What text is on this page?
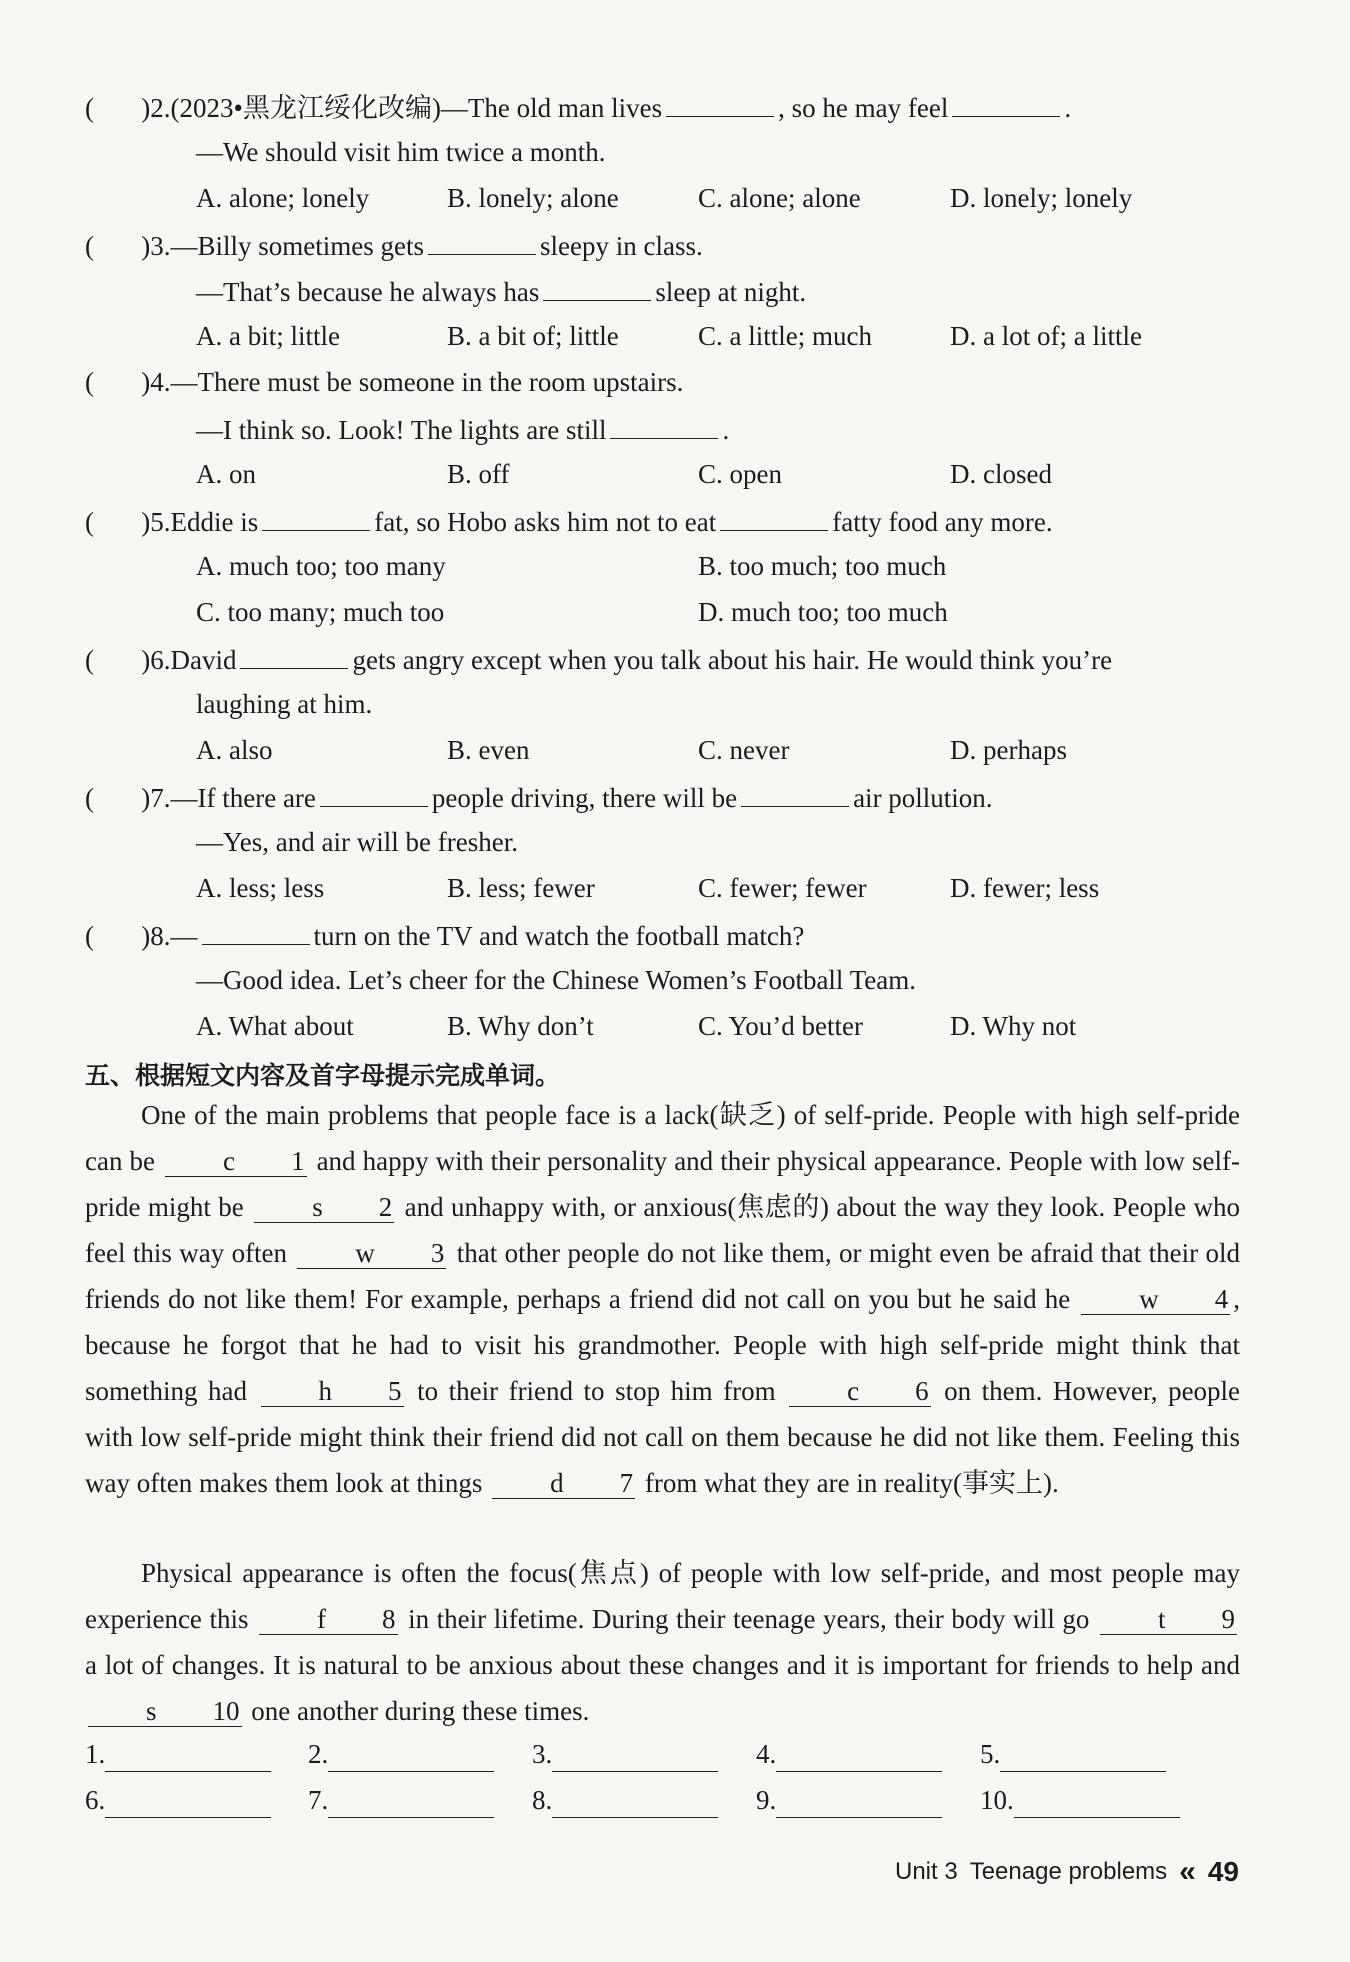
(       )2.(2023•黑龙江绥化改编)—The old man lives	, so he may feel	.
—We should visit him twice a month.
A. alone; lonely	B. lonely; alone	C. alone; alone	D. lonely; lonely
(       )3.—Billy sometimes gets	sleepy in class.
—That’s because he always has	sleep at night.
A. a bit; little	B. a bit of; little	C. a little; much	D. a lot of; a little
(       )4.—There must be someone in the room upstairs.
—I think so. Look! The lights are still	.
A. on	B. off	C. open	D. closed
(       )5.Eddie is	fat, so Hobo asks him not to eat	fatty food any more.
A. much too; too many	B. too much; too much
C. too many; much too	D. much too; too much
(       )6.David	gets angry except when you talk about his hair. He would think you’re
laughing at him.
A. also	B. even	C. never	D. perhaps
(       )7.—If there are	people driving, there will be	air pollution.
—Yes, and air will be fresher.
A. less; less	B. less; fewer	C. fewer; fewer	D. fewer; less
(       )8.—	turn on the TV and watch the football match?
—Good idea. Let’s cheer for the Chinese Women’s Football Team.
A. What about	B. Why don’t	C. You’d better	D. Why not
五、根据短文内容及首字母提示完成单词。
One of the main problems that people face is a lack(缺乏) of self-pride. People with high self-pride can be	c 1 and happy with their personality and their physical appearance. People with low self-pride might be	s 2 and unhappy with, or anxious(焦虑的) about the way they look. People who feel this way often	w 3 that other people do not like them, or might even be afraid that their old friends do not like them! For example, perhaps a friend did not call on you but he said he	w 4 , because he forgot that he had to visit his grandmother. People with high self-pride might think that something had	h 5 to their friend to stop him from	c 6 on them. However, people with low self-pride might think their friend did not call on them because he did not like them. Feeling this way often makes them look at things	d 7 from what they are in reality(事实上).
Physical appearance is often the focus(焦点) of people with low self-pride, and most people may experience this	f 8 in their lifetime. During their teenage years, their body will go	t 9 a lot of changes. It is natural to be anxious about these changes and it is important for friends to help and s 10 one another during these times.
1.	2.	3.	4.	5.
6.	7.	8.	9.	10.
Unit 3 Teenage problems « 49
